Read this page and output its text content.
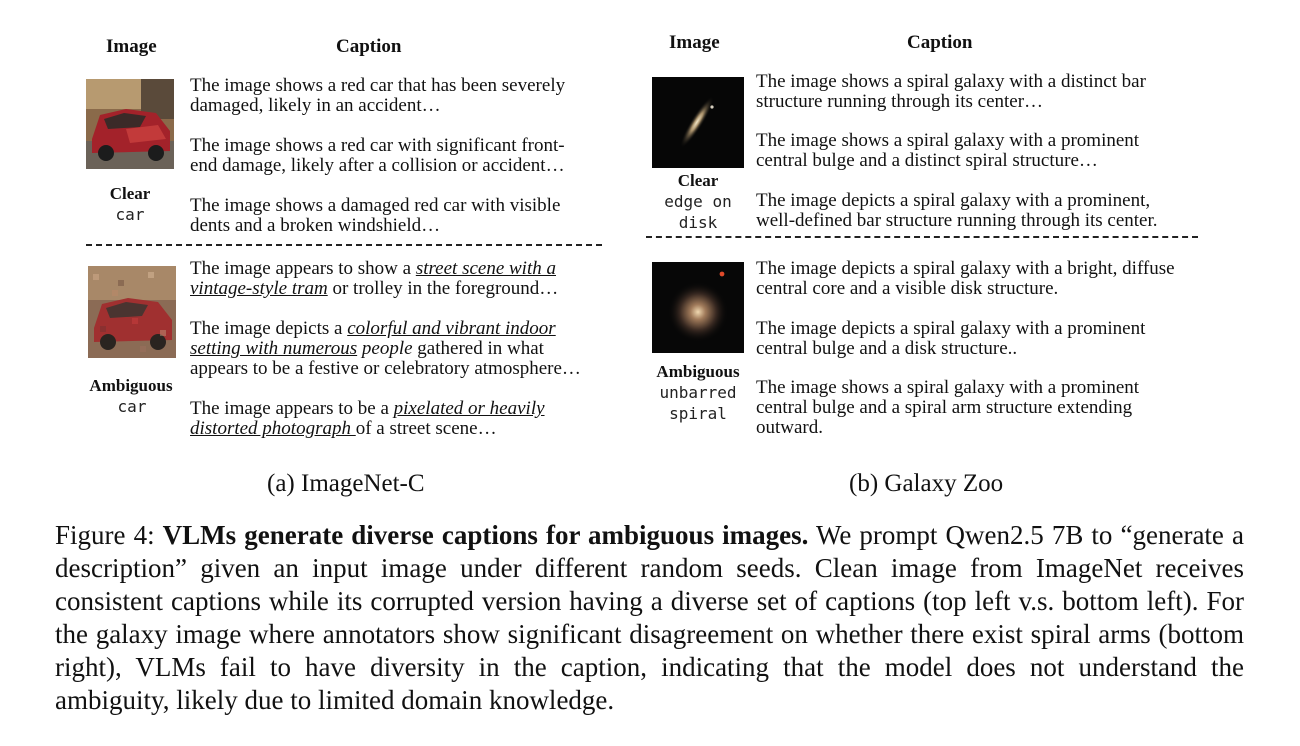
Image	Caption
Clear
car
The image shows a red car that has been severely
damaged, likely in an accident…
The image shows a red car with significant front-
end damage, likely after a collision or accident…
The image shows a damaged red car with visible
dents and a broken windshield…
Ambiguous
car
The image appears to show a street scene with a
vintage-style tram or trolley in the foreground…
The image depicts a colorful and vibrant indoor
setting with numerous people gathered in what
appears to be a festive or celebratory atmosphere…
The image appears to be a pixelated or heavily
distorted photograph of a street scene…
(a) ImageNet-C
Image	Caption
Clear
edge on
disk
The image shows a spiral galaxy with a distinct bar
structure running through its center…
The image shows a spiral galaxy with a prominent
central bulge and a distinct spiral structure…
The image depicts a spiral galaxy with a prominent,
well-defined bar structure running through its center.
Ambiguous
unbarred
spiral
The image depicts a spiral galaxy with a bright, diffuse
central core and a visible disk structure.
The image depicts a spiral galaxy with a prominent
central bulge and a disk structure..
The image shows a spiral galaxy with a prominent
central bulge and a spiral arm structure extending
outward.
(b) Galaxy Zoo

Figure 4: VLMs generate diverse captions for ambiguous images. We prompt Qwen2.5 7B to “generate a description” given an input image under different random seeds. Clean image from ImageNet receives consistent captions while its corrupted version having a diverse set of captions (top left v.s. bottom left). For the galaxy image where annotators show significant disagreement on whether there exist spiral arms (bottom right), VLMs fail to have diversity in the caption, indicating that the model does not understand the ambiguity, likely due to limited domain knowledge.
